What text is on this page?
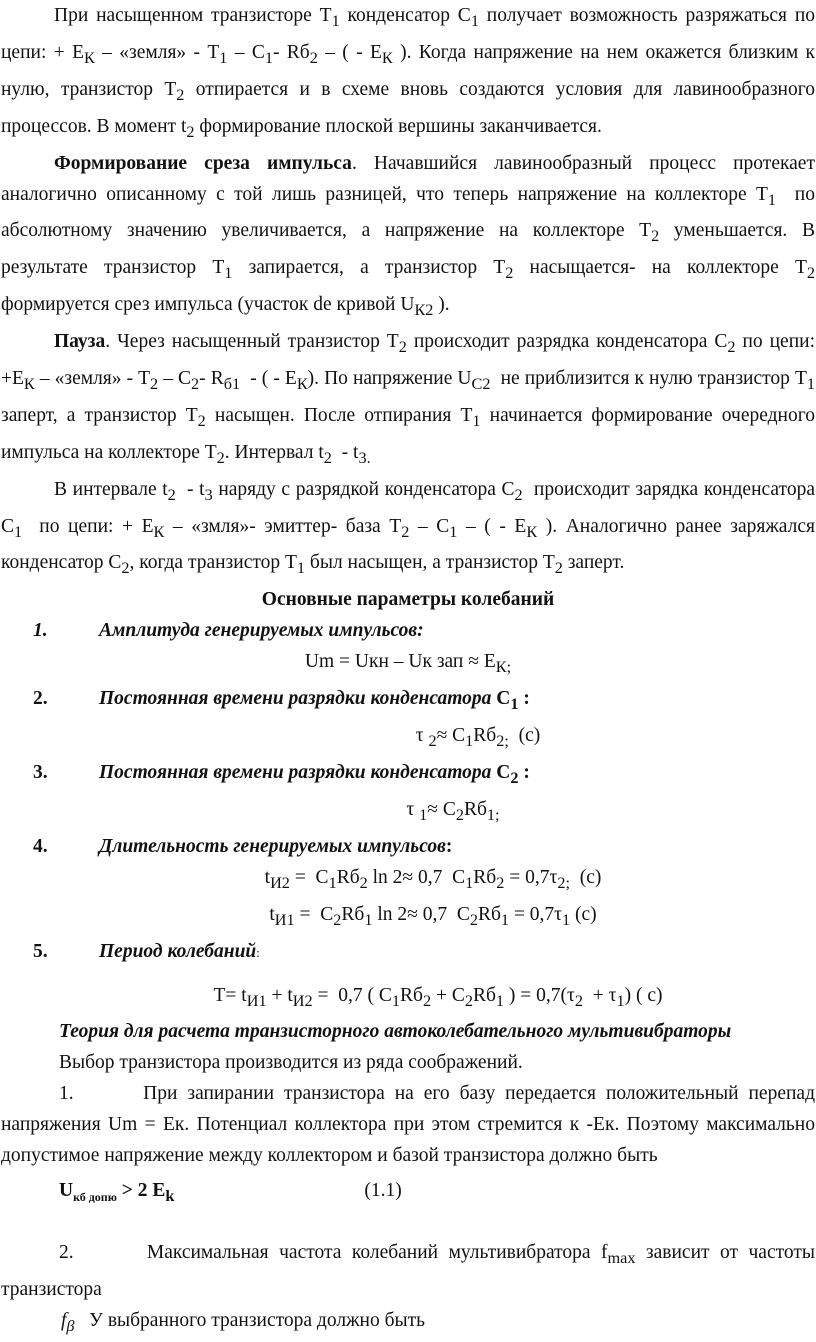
При насыщенном транзисторе $Т_1$ конденсатор $С_1$ получает возможность разряжаться по цепи: + $Е_К$ – «земля» - $Т_1 - С_1-$ $Rб_2$ – ( - $Е_К$ ). Когда напряжение на нем окажется близким к нулю, транзистор $Т_2$ отпирается и в схеме вновь создаются условия для лавинообразного процессов. В момент $t_2$ формирование плоской вершины заканчивается.

Формирование среза импульса. Начавшийся лавинообразный процесс протекает аналогично описанному с той лишь разницей, что теперь напряжение на коллекторе $Т_1$  по абсолютному значению увеличивается, а напряжение на коллекторе $Т_2$ уменьшается. В результате транзистор $Т_1$ запирается, а транзистор $Т_2$ насыщается- на коллекторе $Т_2$ формируется срез импульса (участок de кривой $U_{К2}$ ).

Пауза. Через насыщенный транзистор $Т_2$ происходит разрядка конденсатора $С_2$ по цепи: $+Е_К$ – «земля» - $Т_2 - С_2-$ $R_{б1}$  - ( - $Е_К$). По напряжение $U_{С2}$  не приблизится к нулю транзистор $Т_1$ заперт, а транзистор $Т_2$ насыщен. После отпирания $Т_1$ начинается формирование очередного импульса на коллекторе $Т_2$. Интервал $t_2 - t_{3.}$

В интервале $t_2 - t_3$ наряду с разрядкой конденсатора $С_2$  происходит зарядка конденсатора $С_1$  по цепи: + $Е_К$ – «змля»- эмиттер- база $Т_2 - С_1$ – ( - $Е_К$ ). Аналогично ранее заряжался конденсатор $С_2$, когда транзистор $Т_1$ был насыщен, а транзистор $Т_2$ заперт.

Основные параметры колебаний

1.	Амплитуда генерируемых импульсов:

Um = Uкн – Uк зап ≈ $Е_{К;}$

2.	Постоянная времени разрядки конденсатора $С_1$ :

τ $_2\approx С_1Rб_{2;}$  (с)

3.	Постоянная времени разрядки конденсатора $С_2$ :

τ $_1\approx С_2Rб_{1;}$

4.	Длительность генерируемых импульсов:

$t_{И2} = С_1Rб_2$ ln 2≈ 0,7  $С_1Rб_2 = 0,7\tau_{2;}$  (с)

$t_{И1} = С_2Rб_1$ ln 2≈ 0,7  $С_2Rб_1 = 0,7\tau_1$ (с)

5.	Период колебаний:

$Т= t_{И1} + t_{И2} = 0,7$ ( $С_1Rб_2 + С_2Rб_1$ ) = $0,7(\tau_2 + \tau_1)$ ( с)

Теория для расчета транзисторного автоколебательного мультивибраторы

Выбор транзистора производится из ряда соображений.

1.	При запирании транзистора на его базу передается положительный перепад напряжения Um = Ек. Потенциал коллектора при этом стремится к -Ек. Поэтому максимально допустимое напряжение между коллектором и базой транзистора должно быть

$U_{кб допю} > 2$ $E_k$	(1.1)

2.       Максимальная частота колебаний мультивибратора $f_{max}$ зависит от частоты транзистора

$f_\beta$ У выбранного транзистора должно быть
